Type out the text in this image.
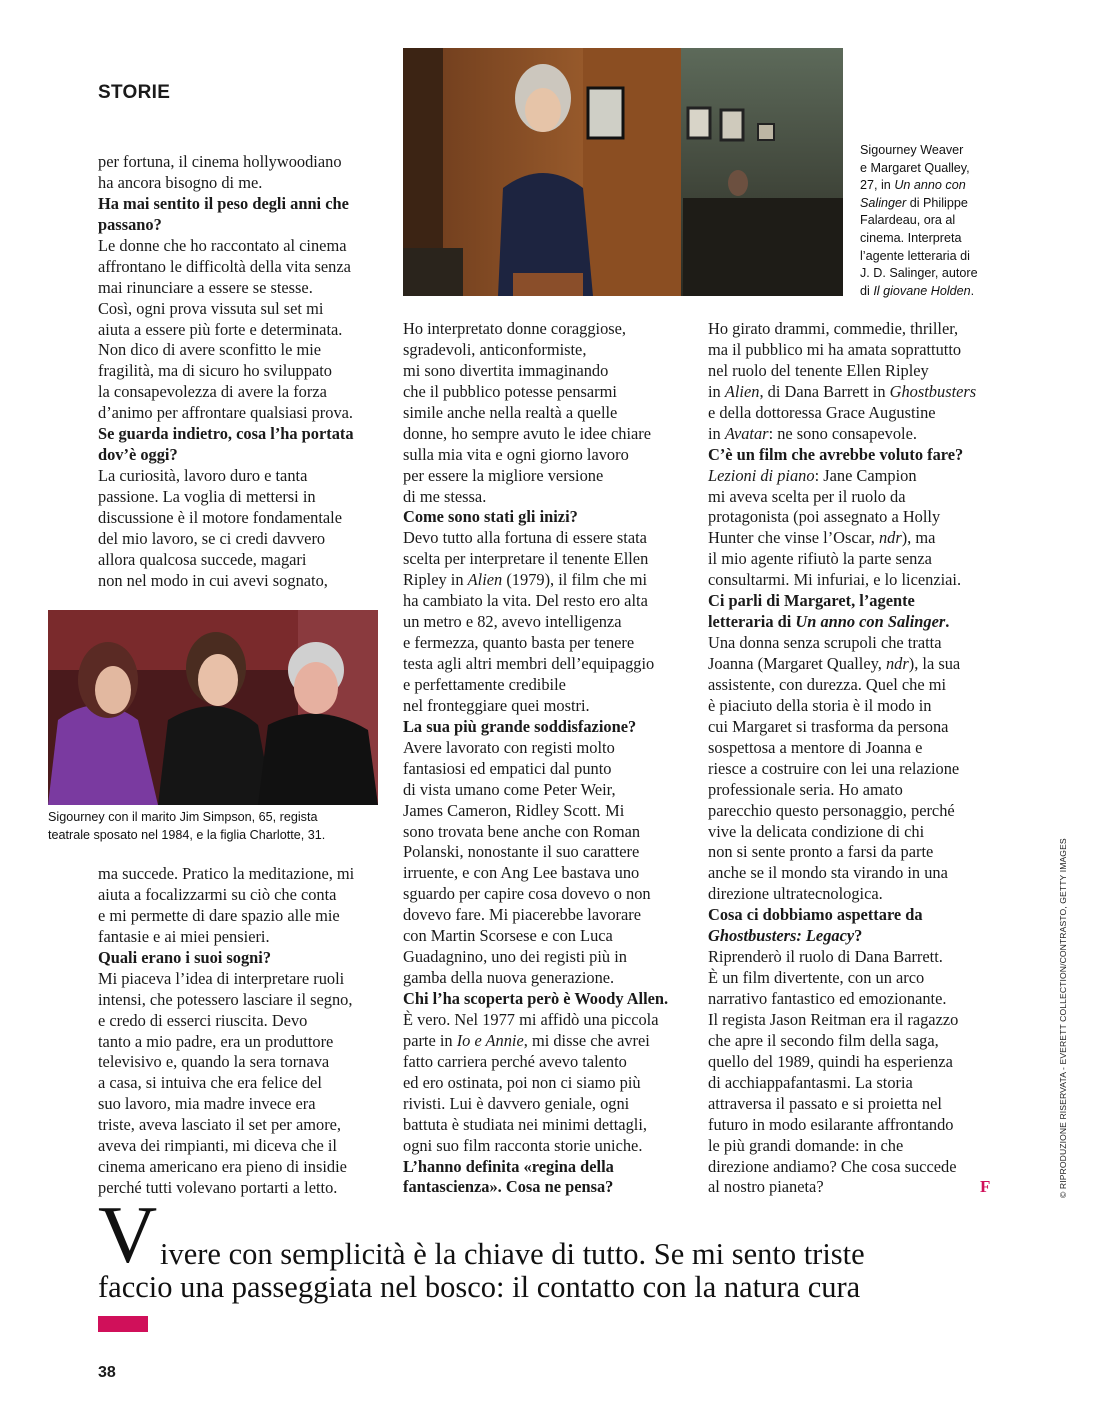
STORIE
Sigourney Weaver
e Margaret Qualley,
27, in Un anno con
Salinger di Philippe
Falardeau, ora al
cinema. Interpreta
l’agente letteraria di
J. D. Salinger, autore
di Il giovane Holden.
Sigourney con il marito Jim Simpson, 65, regista
teatrale sposato nel 1984, e la figlia Charlotte, 31.
per fortuna, il cinema hollywoodiano
ha ancora bisogno di me.
Ha mai sentito il peso degli anni che
passano?
Le donne che ho raccontato al cinema
affrontano le difficoltà della vita senza
mai rinunciare a essere se stesse.
Così, ogni prova vissuta sul set mi
aiuta a essere più forte e determinata.
Non dico di avere sconfitto le mie
fragilità, ma di sicuro ho sviluppato
la consapevolezza di avere la forza
d’animo per affrontare qualsiasi prova.
Se guarda indietro, cosa l’ha portata
dov’è oggi?
La curiosità, lavoro duro e tanta
passione. La voglia di mettersi in
discussione è il motore fondamentale
del mio lavoro, se ci credi davvero
allora qualcosa succede, magari
non nel modo in cui avevi sognato,
ma succede. Pratico la meditazione, mi
aiuta a focalizzarmi su ciò che conta
e mi permette di dare spazio alle mie
fantasie e ai miei pensieri.
Quali erano i suoi sogni?
Mi piaceva l’idea di interpretare ruoli
intensi, che potessero lasciare il segno,
e credo di esserci riuscita. Devo
tanto a mio padre, era un produttore
televisivo e, quando la sera tornava
a casa, si intuiva che era felice del
suo lavoro, mia madre invece era
triste, aveva lasciato il set per amore,
aveva dei rimpianti, mi diceva che il
cinema americano era pieno di insidie
perché tutti volevano portarti a letto.
Ho interpretato donne coraggiose,
sgradevoli, anticonformiste,
mi sono divertita immaginando
che il pubblico potesse pensarmi
simile anche nella realtà a quelle
donne, ho sempre avuto le idee chiare
sulla mia vita e ogni giorno lavoro
per essere la migliore versione
di me stessa.
Come sono stati gli inizi?
Devo tutto alla fortuna di essere stata
scelta per interpretare il tenente Ellen
Ripley in Alien (1979), il film che mi
ha cambiato la vita. Del resto ero alta
un metro e 82, avevo intelligenza
e fermezza, quanto basta per tenere
testa agli altri membri dell’equipaggio
e perfettamente credibile
nel fronteggiare quei mostri.
La sua più grande soddisfazione?
Avere lavorato con registi molto
fantasiosi ed empatici dal punto
di vista umano come Peter Weir,
James Cameron, Ridley Scott. Mi
sono trovata bene anche con Roman
Polanski, nonostante il suo carattere
irruente, e con Ang Lee bastava uno
sguardo per capire cosa dovevo o non
dovevo fare. Mi piacerebbe lavorare
con Martin Scorsese e con Luca
Guadagnino, uno dei registi più in
gamba della nuova generazione.
Chi l’ha scoperta però è Woody Allen.
È vero. Nel 1977 mi affidò una piccola
parte in Io e Annie, mi disse che avrei
fatto carriera perché avevo talento
ed ero ostinata, poi non ci siamo più
rivisti. Lui è davvero geniale, ogni
battuta è studiata nei minimi dettagli,
ogni suo film racconta storie uniche.
L’hanno definita «regina della
fantascienza». Cosa ne pensa?
Ho girato drammi, commedie, thriller,
ma il pubblico mi ha amata soprattutto
nel ruolo del tenente Ellen Ripley
in Alien, di Dana Barrett in Ghostbusters
e della dottoressa Grace Augustine
in Avatar: ne sono consapevole.
C’è un film che avrebbe voluto fare?
Lezioni di piano: Jane Campion
mi aveva scelta per il ruolo da
protagonista (poi assegnato a Holly
Hunter che vinse l’Oscar, ndr), ma
il mio agente rifiutò la parte senza
consultarmi. Mi infuriai, e lo licenziai.
Ci parli di Margaret, l’agente
letteraria di Un anno con Salinger.
Una donna senza scrupoli che tratta
Joanna (Margaret Qualley, ndr), la sua
assistente, con durezza. Quel che mi
è piaciuto della storia è il modo in
cui Margaret si trasforma da persona
sospettosa a mentore di Joanna e
riesce a costruire con lei una relazione
professionale seria. Ho amato
parecchio questo personaggio, perché
vive la delicata condizione di chi
non si sente pronto a farsi da parte
anche se il mondo sta virando in una
direzione ultratecnologica.
Cosa ci dobbiamo aspettare da
Ghostbusters: Legacy?
Riprenderò il ruolo di Dana Barrett.
È un film divertente, con un arco
narrativo fantastico ed emozionante.
Il regista Jason Reitman era il ragazzo
che apre il secondo film della saga,
quello del 1989, quindi ha esperienza
di acchiappafantasmi. La storia
attraversa il passato e si proietta nel
futuro in modo esilarante affrontando
le più grandi domande: in che
direzione andiamo? Che cosa succede
al nostro pianeta?	F
V ivere con semplicità è la chiave di tutto. Se mi sento triste
faccio una passeggiata nel bosco: il contatto con la natura cura
38
© RIPRODUZIONE RISERVATA - EVERETT COLLECTION/CONTRASTO, GETTY IMAGES
